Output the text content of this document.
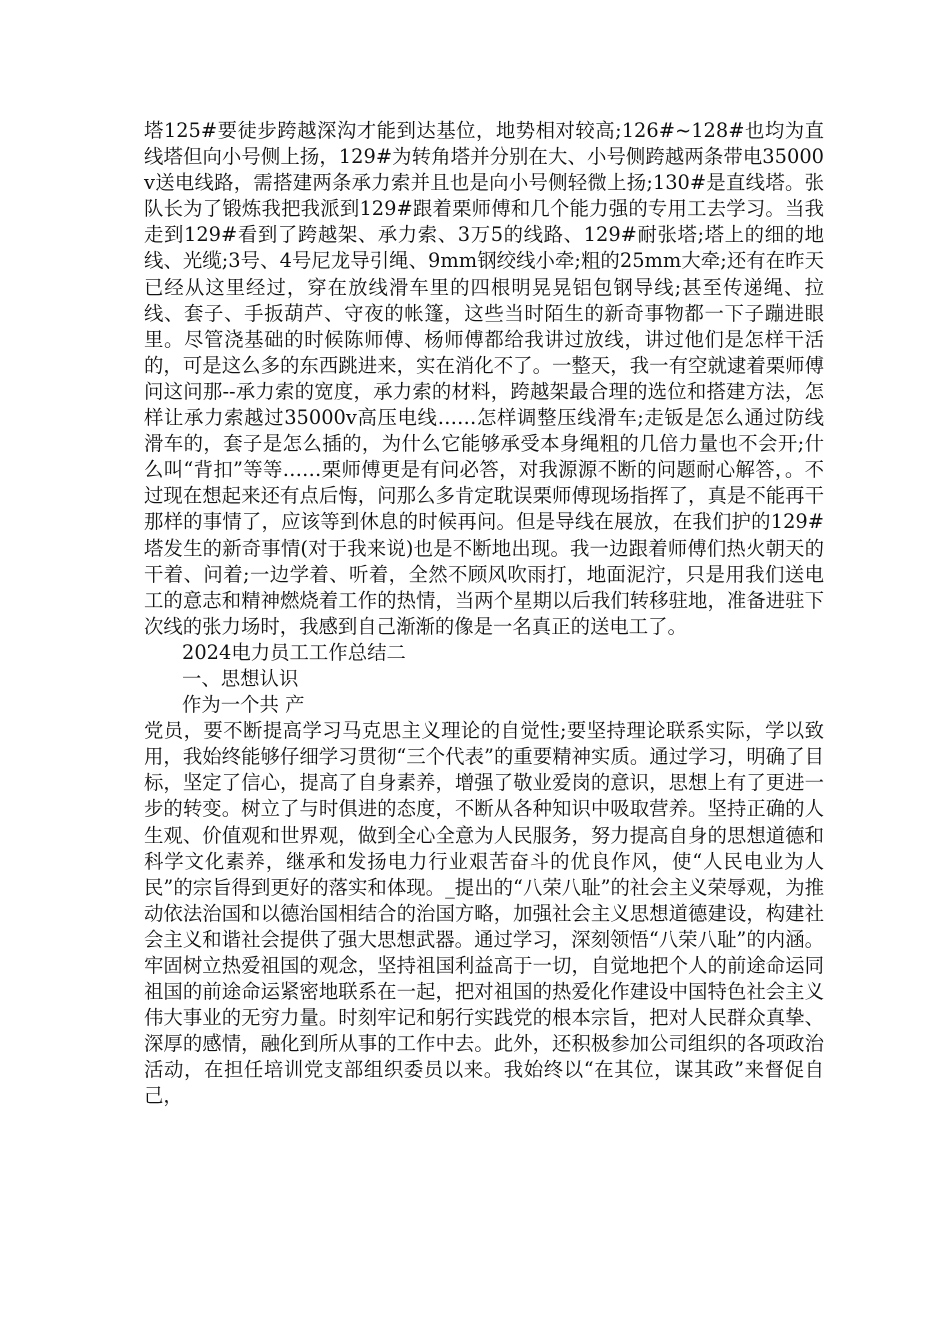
塔125#要徒步跨越深沟才能到达基位，地势相对较高;126#~128#也均为直线塔但向小号侧上扬，129#为转角塔并分别在大、小号侧跨越两条带电35000v送电线路，需搭建两条承力索并且也是向小号侧轻微上扬;130#是直线塔。张队长为了锻炼我把我派到129#跟着栗师傅和几个能力强的专用工去学习。当我走到129#看到了跨越架、承力索、3万5的线路、129#耐张塔;塔上的细的地线、光缆;3号、4号尼龙导引绳、9mm钢绞线小牵;粗的25mm大牵;还有在昨天已经从这里经过，穿在放线滑车里的四根明晃晃铝包钢导线;甚至传递绳、拉线、套子、手扳葫芦、守夜的帐篷，这些当时陌生的新奇事物都一下子蹦进眼里。尽管浇基础的时候陈师傅、杨师傅都给我讲过放线，讲过他们是怎样干活的，可是这么多的东西跳进来，实在消化不了。一整天，我一有空就逮着栗师傅问这问那--承力索的宽度，承力索的材料，跨越架最合理的选位和搭建方法，怎样让承力索越过35000v高压电线……怎样调整压线滑车;走钣是怎么通过防线滑车的，套子是怎么插的，为什么它能够承受本身绳粗的几倍力量也不会开;什么叫“背扣”等等……栗师傅更是有问必答，对我源源不断的问题耐心解答，。不过现在想起来还有点后悔，问那么多肯定耽误栗师傅现场指挥了，真是不能再干那样的事情了，应该等到休息的时候再问。但是导线在展放，在我们护的129#塔发生的新奇事情(对于我来说)也是不断地出现。我一边跟着师傅们热火朝天的干着、问着;一边学着、听着，全然不顾风吹雨打，地面泥泞，只是用我们送电工的意志和精神燃烧着工作的热情，当两个星期以后我们转移驻地，准备进驻下次线的张力场时，我感到自己渐渐的像是一名真正的送电工了。

2024电力员工工作总结二

一、思想认识

作为一个共 产

党员，要不断提高学习马克思主义理论的自觉性;要坚持理论联系实际，学以致用，我始终能够仔细学习贯彻“三个代表”的重要精神实质。通过学习，明确了目标，坚定了信心，提高了自身素养，增强了敬业爱岗的意识，思想上有了更进一步的转变。树立了与时俱进的态度，不断从各种知识中吸取营养。坚持正确的人生观、价值观和世界观，做到全心全意为人民服务，努力提高自身的思想道德和科学文化素养，继承和发扬电力行业艰苦奋斗的优良作风，使“人民电业为人民”的宗旨得到更好的落实和体现。_提出的“八荣八耻”的社会主义荣辱观，为推动依法治国和以德治国相结合的治国方略，加强社会主义思想道德建设，构建社会主义和谐社会提供了强大思想武器。通过学习，深刻领悟“八荣八耻”的内涵。牢固树立热爱祖国的观念，坚持祖国利益高于一切，自觉地把个人的前途命运同祖国的前途命运紧密地联系在一起，把对祖国的热爱化作建设中国特色社会主义伟大事业的无穷力量。时刻牢记和躬行实践党的根本宗旨，把对人民群众真挚、深厚的感情，融化到所从事的工作中去。此外，还积极参加公司组织的各项政治活动，在担任培训党支部组织委员以来。我始终以“在其位，谋其政”来督促自己，
